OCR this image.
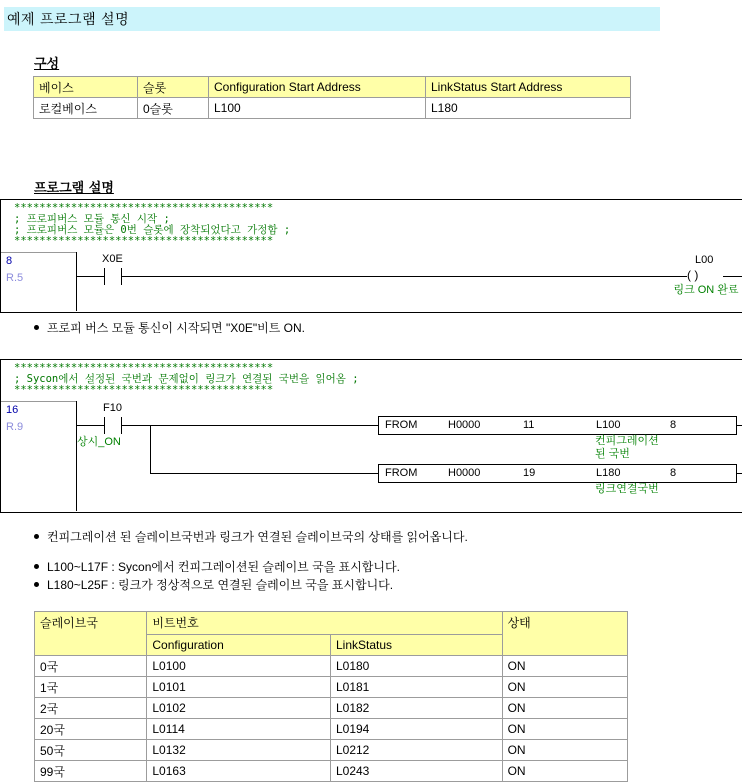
예제 프로그램 설명
구성
베이스	슬롯	Configuration Start Address	LinkStatus Start Address
로컬베이스	0슬롯	L100	L180
프로그램 설명
*****************************************
; 프로피버스 모듈 통신 시작 ;
; 프로피버스 모듈은 0번 슬롯에 장착되었다고 가정함 ;
*****************************************
8
R.5
X0E	L00
( )
링크 ON 완료
프로피 버스 모듈 통신이 시작되면 "X0E"비트 ON.
*****************************************
; Sycon에서 설정된 국번과 문제없이 링크가 연결된 국번을 읽어옴 ;
*****************************************
16
R.9
F10
상시_ON
FROM	H0000	11	L100	8
컨피그레이션된 국번
FROM	H0000	19	L180	8
링크연결국번
컨피그레이션 된 슬레이브국번과 링크가 연결된 슬레이브국의 상태를 읽어옵니다.
L100~L17F : Sycon에서 컨피그레이션된 슬레이브 국을 표시합니다.
L180~L25F : 링크가 정상적으로 연결된 슬레이브 국을 표시합니다.
슬레이브국	비트번호		상태
	Configuration	LinkStatus	
0국	L0100	L0180	ON
1국	L0101	L0181	ON
2국	L0102	L0182	ON
20국	L0114	L0194	ON
50국	L0132	L0212	ON
99국	L0163	L0243	ON
